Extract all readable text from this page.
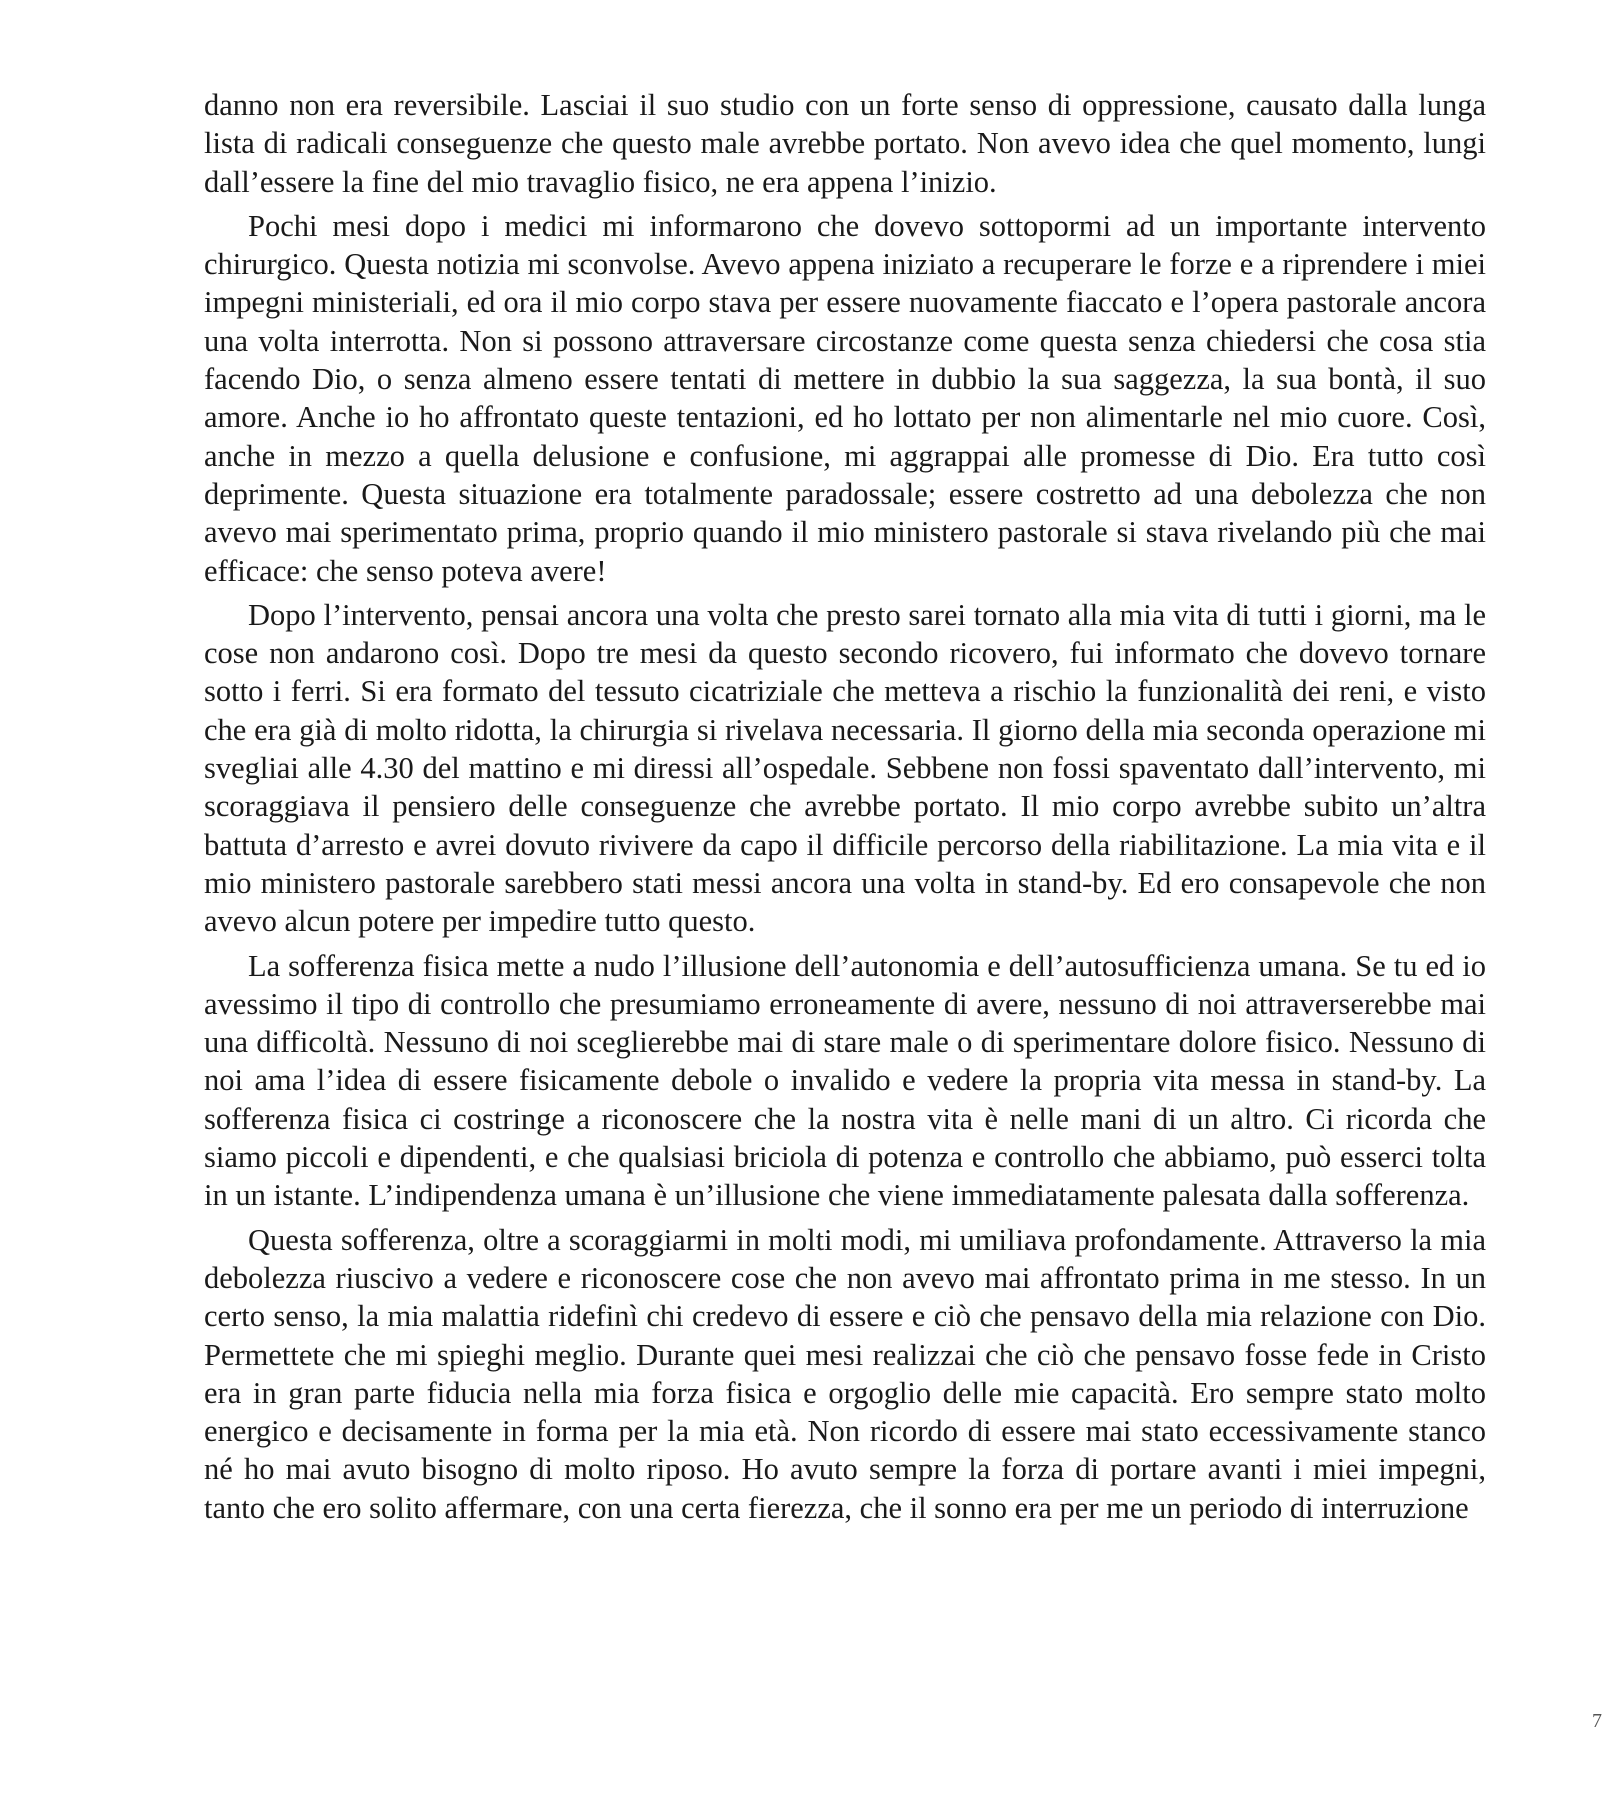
danno non era reversibile. Lasciai il suo studio con un forte senso di oppressione, causato dalla lunga lista di radicali conseguenze che questo male avrebbe portato. Non avevo idea che quel momento, lungi dall’essere la fine del mio travaglio fisico, ne era appena l’inizio.

Pochi mesi dopo i medici mi informarono che dovevo sottopormi ad un importante intervento chirurgico. Questa notizia mi sconvolse. Avevo appena iniziato a recuperare le forze e a riprendere i miei impegni ministeriali, ed ora il mio corpo stava per essere nuovamente fiaccato e l’opera pastorale ancora una volta interrotta. Non si possono attraversare circostanze come questa senza chiedersi che cosa stia facendo Dio, o senza almeno essere tentati di mettere in dubbio la sua saggezza, la sua bontà, il suo amore. Anche io ho affrontato queste tentazioni, ed ho lottato per non alimentarle nel mio cuore. Così, anche in mezzo a quella delusione e confusione, mi aggrappai alle promesse di Dio. Era tutto così deprimente. Questa situazione era totalmente paradossale; essere costretto ad una debolezza che non avevo mai sperimentato prima, proprio quando il mio ministero pastorale si stava rivelando più che mai efficace: che senso poteva avere!

Dopo l’intervento, pensai ancora una volta che presto sarei tornato alla mia vita di tutti i giorni, ma le cose non andarono così. Dopo tre mesi da questo secondo ricovero, fui informato che dovevo tornare sotto i ferri. Si era formato del tessuto cicatriziale che metteva a rischio la funzionalità dei reni, e visto che era già di molto ridotta, la chirurgia si rivelava necessaria. Il giorno della mia seconda operazione mi svegliai alle 4.30 del mattino e mi diressi all’ospedale. Sebbene non fossi spaventato dall’intervento, mi scoraggiava il pensiero delle conseguenze che avrebbe portato. Il mio corpo avrebbe subito un’altra battuta d’arresto e avrei dovuto rivivere da capo il difficile percorso della riabilitazione. La mia vita e il mio ministero pastorale sarebbero stati messi ancora una volta in stand-by. Ed ero consapevole che non avevo alcun potere per impedire tutto questo.

La sofferenza fisica mette a nudo l’illusione dell’autonomia e dell’autosufficienza umana. Se tu ed io avessimo il tipo di controllo che presumiamo erroneamente di avere, nessuno di noi attraverserebbe mai una difficoltà. Nessuno di noi sceglierebbe mai di stare male o di sperimentare dolore fisico. Nessuno di noi ama l’idea di essere fisicamente debole o invalido e vedere la propria vita messa in stand-by. La sofferenza fisica ci costringe a riconoscere che la nostra vita è nelle mani di un altro. Ci ricorda che siamo piccoli e dipendenti, e che qualsiasi briciola di potenza e controllo che abbiamo, può esserci tolta in un istante. L’indipendenza umana è un’illusione che viene immediatamente palesata dalla sofferenza.

Questa sofferenza, oltre a scoraggiarmi in molti modi, mi umiliava profondamente. Attraverso la mia debolezza riuscivo a vedere e riconoscere cose che non avevo mai affrontato prima in me stesso. In un certo senso, la mia malattia ridefinì chi credevo di essere e ciò che pensavo della mia relazione con Dio. Permettete che mi spieghi meglio. Durante quei mesi realizzai che ciò che pensavo fosse fede in Cristo era in gran parte fiducia nella mia forza fisica e orgoglio delle mie capacità. Ero sempre stato molto energico e decisamente in forma per la mia età. Non ricordo di essere mai stato eccessivamente stanco né ho mai avuto bisogno di molto riposo. Ho avuto sempre la forza di portare avanti i miei impegni, tanto che ero solito affermare, con una certa fierezza, che il sonno era per me un periodo di interruzione

7
